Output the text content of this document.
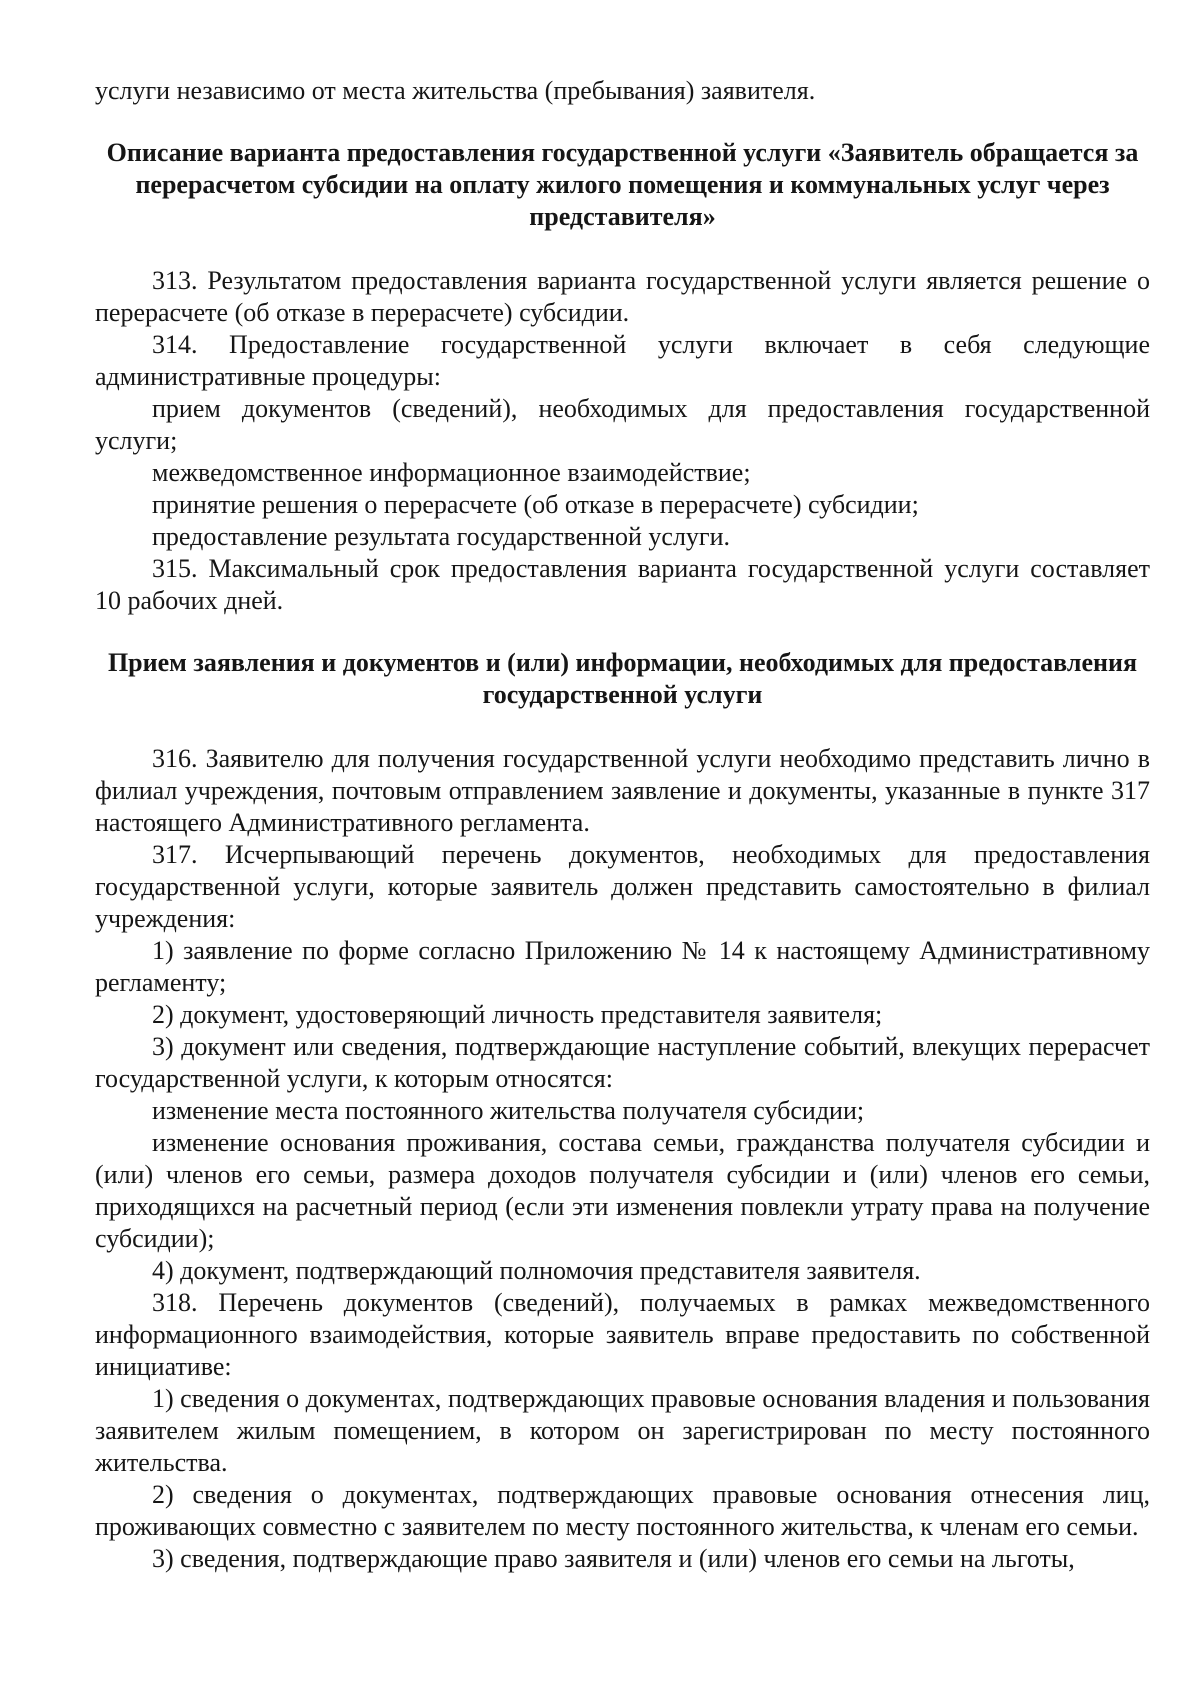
услуги независимо от места жительства (пребывания) заявителя.

Описание варианта предоставления государственной услуги «Заявитель обращается за перерасчетом субсидии на оплату жилого помещения и коммунальных услуг через представителя»

313. Результатом предоставления варианта государственной услуги является решение о перерасчете (об отказе в перерасчете) субсидии.

314. Предоставление государственной услуги включает в себя следующие административные процедуры:

прием документов (сведений), необходимых для предоставления государственной услуги;

межведомственное информационное взаимодействие;

принятие решения о перерасчете (об отказе в перерасчете) субсидии;

предоставление результата государственной услуги.

315. Максимальный срок предоставления варианта государственной услуги составляет 10 рабочих дней.

Прием заявления и документов и (или) информации, необходимых для предоставления государственной услуги

316. Заявителю для получения государственной услуги необходимо представить лично в филиал учреждения, почтовым отправлением заявление и документы, указанные в пункте 317 настоящего Административного регламента.

317. Исчерпывающий перечень документов, необходимых для предоставления государственной услуги, которые заявитель должен представить самостоятельно в филиал учреждения:

1) заявление по форме согласно Приложению № 14 к настоящему Административному регламенту;

2) документ, удостоверяющий личность представителя заявителя;

3) документ или сведения, подтверждающие наступление событий, влекущих перерасчет государственной услуги, к которым относятся:

изменение места постоянного жительства получателя субсидии;

изменение основания проживания, состава семьи, гражданства получателя субсидии и (или) членов его семьи, размера доходов получателя субсидии и (или) членов его семьи, приходящихся на расчетный период (если эти изменения повлекли утрату права на получение субсидии);

4) документ, подтверждающий полномочия представителя заявителя.

318. Перечень документов (сведений), получаемых в рамках межведомственного информационного взаимодействия, которые заявитель вправе предоставить по собственной инициативе:

1) сведения о документах, подтверждающих правовые основания владения и пользования заявителем жилым помещением, в котором он зарегистрирован по месту постоянного жительства.

2) сведения о документах, подтверждающих правовые основания отнесения лиц, проживающих совместно с заявителем по месту постоянного жительства, к членам его семьи.

3) сведения, подтверждающие право заявителя и (или) членов его семьи на льготы,
